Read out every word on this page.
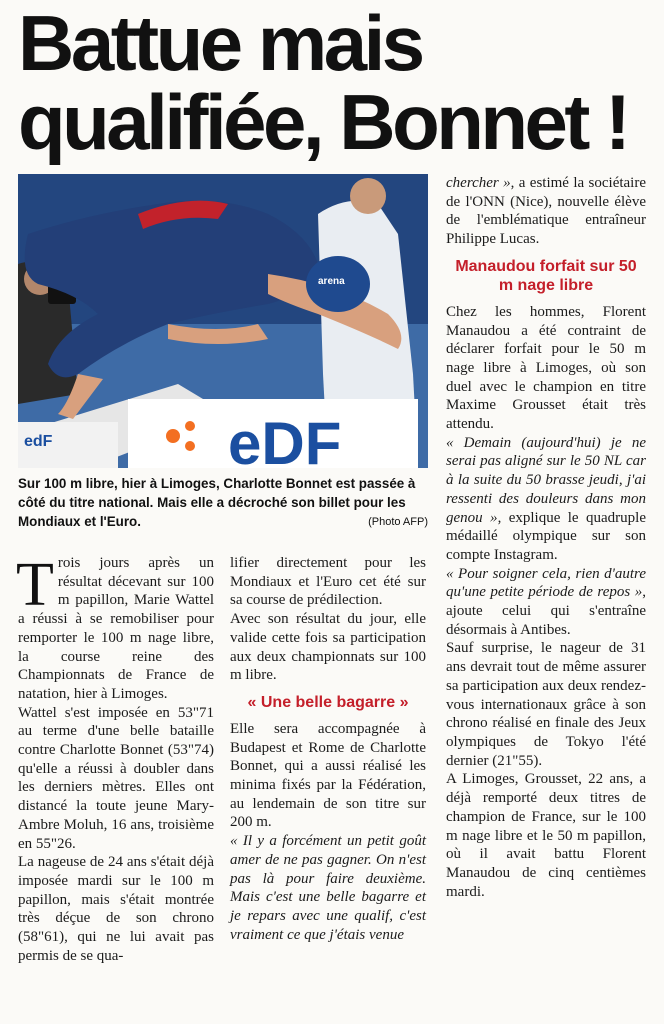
Battue mais qualifiée, Bonnet !
arena
eDF
edF
Sur 100 m libre, hier à Limoges, Charlotte Bonnet est passée à côté du titre national. Mais elle a décroché son billet pour les Mondiaux et l'Euro.	(Photo AFP)

Trois jours après un résultat décevant sur 100 m papillon, Marie Wattel a réussi à se remobiliser pour remporter le 100 m nage libre, la course reine des Championnats de France de natation, hier à Limoges.

Wattel s'est imposée en 53"71 au terme d'une belle bataille contre Charlotte Bonnet (53"74) qu'elle a réussi à doubler dans les derniers mètres. Elles ont distancé la toute jeune Mary-Ambre Moluh, 16 ans, troisième en 55"26.

La nageuse de 24 ans s'était déjà imposée mardi sur le 100 m papillon, mais s'était montrée très déçue de son chrono (58"61), qui ne lui avait pas permis de se qua-

lifier directement pour les Mondiaux et l'Euro cet été sur sa course de prédilection.

Avec son résultat du jour, elle valide cette fois sa participation aux deux championnats sur 100 m libre.

« Une belle bagarre »

Elle sera accompagnée à Budapest et Rome de Charlotte Bonnet, qui a aussi réalisé les minima fixés par la Fédération, au lendemain de son titre sur 200 m.

« Il y a forcément un petit goût amer de ne pas gagner. On n'est pas là pour faire deuxième. Mais c'est une belle bagarre et je repars avec une qualif, c'est vraiment ce que j'étais venue

chercher », a estimé la sociétaire de l'ONN (Nice), nouvelle élève de l'emblématique entraîneur Philippe Lucas.

Manaudou forfait sur 50 m nage libre

Chez les hommes, Florent Manaudou a été contraint de déclarer forfait pour le 50 m nage libre à Limoges, où son duel avec le champion en titre Maxime Grousset était très attendu.

« Demain (aujourd'hui) je ne serai pas aligné sur le 50 NL car à la suite du 50 brasse jeudi, j'ai ressenti des douleurs dans mon genou », explique le quadruple médaillé olympique sur son compte Instagram.

« Pour soigner cela, rien d'autre qu'une petite période de repos », ajoute celui qui s'entraîne désormais à Antibes.

Sauf surprise, le nageur de 31 ans devrait tout de même assurer sa participation aux deux rendez-vous internationaux grâce à son chrono réalisé en finale des Jeux olympiques de Tokyo l'été dernier (21"55).

A Limoges, Grousset, 22 ans, a déjà remporté deux titres de champion de France, sur le 100 m nage libre et le 50 m papillon, où il avait battu Florent Manaudou de cinq centièmes mardi.
